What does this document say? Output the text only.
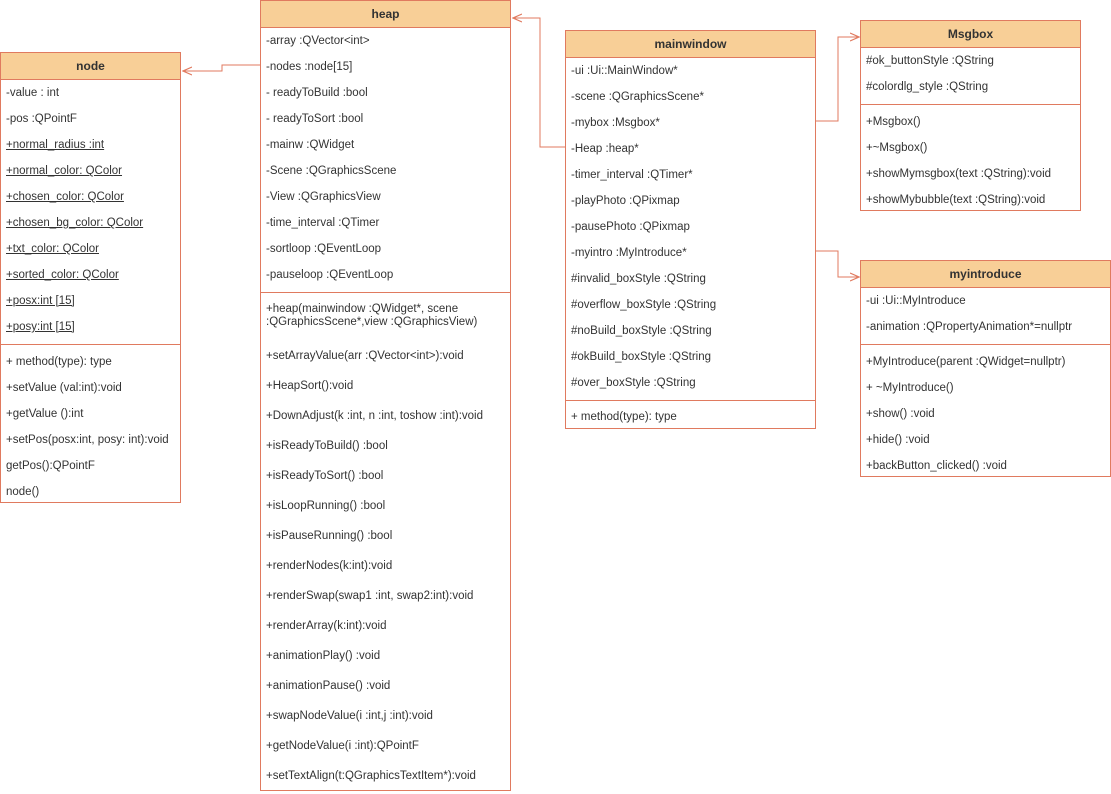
node
-value : int
-pos :QPointF
+normal_radius :int
+normal_color: QColor
+chosen_color: QColor
+chosen_bg_color: QColor
+txt_color: QColor
+sorted_color: QColor
+posx:int [15]
+posy:int [15]
+ method(type): type
+setValue (val:int):void
+getValue ():int
+setPos(posx:int, posy: int):void
getPos():QPointF
node()
heap
-array :QVector<int>
-nodes :node[15]
- readyToBuild :bool
- readyToSort :bool
-mainw :QWidget
-Scene :QGraphicsScene
-View :QGraphicsView
-time_interval :QTimer
-sortloop :QEventLoop
-pauseloop :QEventLoop
+heap(mainwindow :QWidget*, scene :QGraphicsScene*,view :QGraphicsView)
+setArrayValue(arr :QVector<int>):void
+HeapSort():void
+DownAdjust(k :int, n :int, toshow :int):void
+isReadyToBuild() :bool
+isReadyToSort() :bool
+isLoopRunning() :bool
+isPauseRunning() :bool
+renderNodes(k:int):void
+renderSwap(swap1 :int, swap2:int):void
+renderArray(k:int):void
+animationPlay() :void
+animationPause() :void
+swapNodeValue(i :int,j :int):void
+getNodeValue(i :int):QPointF
+setTextAlign(t:QGraphicsTextItem*):void
mainwindow
-ui :Ui::MainWindow*
-scene :QGraphicsScene*
-mybox :Msgbox*
-Heap :heap*
-timer_interval :QTimer*
-playPhoto :QPixmap
-pausePhoto :QPixmap
-myintro :MyIntroduce*
#invalid_boxStyle :QString
#overflow_boxStyle :QString
#noBuild_boxStyle :QString
#okBuild_boxStyle :QString
#over_boxStyle :QString
+ method(type): type
Msgbox
#ok_buttonStyle :QString
#colordlg_style :QString
+Msgbox()
+~Msgbox()
+showMymsgbox(text :QString):void
+showMybubble(text :QString):void
myintroduce
-ui :Ui::MyIntroduce
-animation :QPropertyAnimation*=nullptr
+MyIntroduce(parent :QWidget=nullptr)
+ ~MyIntroduce()
+show() :void
+hide() :void
+backButton_clicked() :void
